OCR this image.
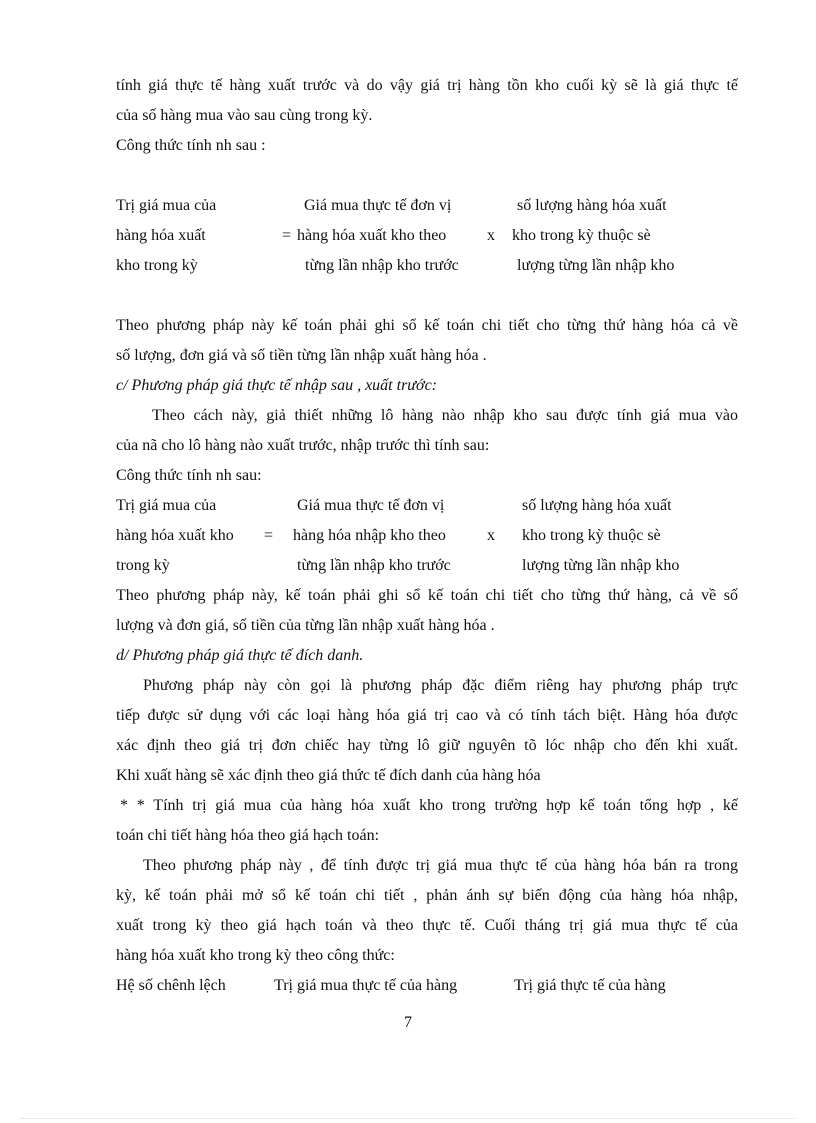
tính giá thực tế hàng xuất trước và do vậy giá trị hàng tồn kho cuối kỳ sẽ là giá thực tế
của số hàng mua vào sau cùng trong kỳ.
Công thức tính nh sau :
Trị giá mua của
hàng hóa xuất
kho trong kỳ
=
Giá mua thực tế đơn vị
hàng hóa xuất kho theo
từng lần nhập kho trước
x
số lượng hàng hóa xuất
kho trong kỳ thuộc sè
lượng từng lần nhập kho
Theo phương pháp này kế toán phải ghi sổ kế toán chi tiết cho từng thứ hàng hóa cả về
số lượng, đơn giá và số tiền từng lần nhập xuất hàng hóa .
c/ Phương pháp giá thực tế nhập sau , xuất trước:
Theo cách này, giả thiết những lô hàng nào nhập kho sau được tính giá mua vào
của nã cho lô hàng nào xuất trước, nhập trước thì tính sau:
Công thức tính nh sau:
Trị giá mua của
hàng hóa xuất kho
trong kỳ
=
Giá mua thực tế đơn vị
hàng hóa nhập kho theo
từng lần nhập kho trước
x
số lượng hàng hóa xuất
kho trong kỳ thuộc sè
lượng từng lần nhập kho
Theo phương pháp này, kế toán phải ghi sổ kế toán chi tiết cho từng thứ hàng, cả về số
lượng và đơn giá, số tiền của từng lần nhập xuất hàng hóa .
d/ Phương pháp giá thực tế đích danh.
Phương pháp này còn gọi là phương pháp đặc điểm riêng hay phương pháp trực
tiếp được sử dụng với các loại hàng hóa giá trị cao và có tính tách biệt. Hàng hóa được
xác định theo giá trị đơn chiếc hay từng lô giữ nguyên tõ lóc nhập cho đến khi xuất.
Khi xuất hàng sẽ xác định theo giá thức tế đích danh của hàng hóa
* * Tính trị giá mua của hàng hóa xuất kho trong trường hợp kế toán tổng hợp , kế
toán chi tiết hàng hóa theo giá hạch toán:
Theo phương pháp này , để tính được trị giá mua thực tế của hàng hóa bán ra trong
kỳ, kế toán phải mở sổ kế toán chi tiết , phản ánh sự biến động của hàng hóa nhập,
xuất trong kỳ theo giá hạch toán và theo thực tế. Cuối tháng trị giá mua thực tế của
hàng hóa xuất kho trong kỳ theo công thức:
Hệ số chênh lệch	Trị giá mua thực tế của hàng	Trị giá thực tế của hàng
7
